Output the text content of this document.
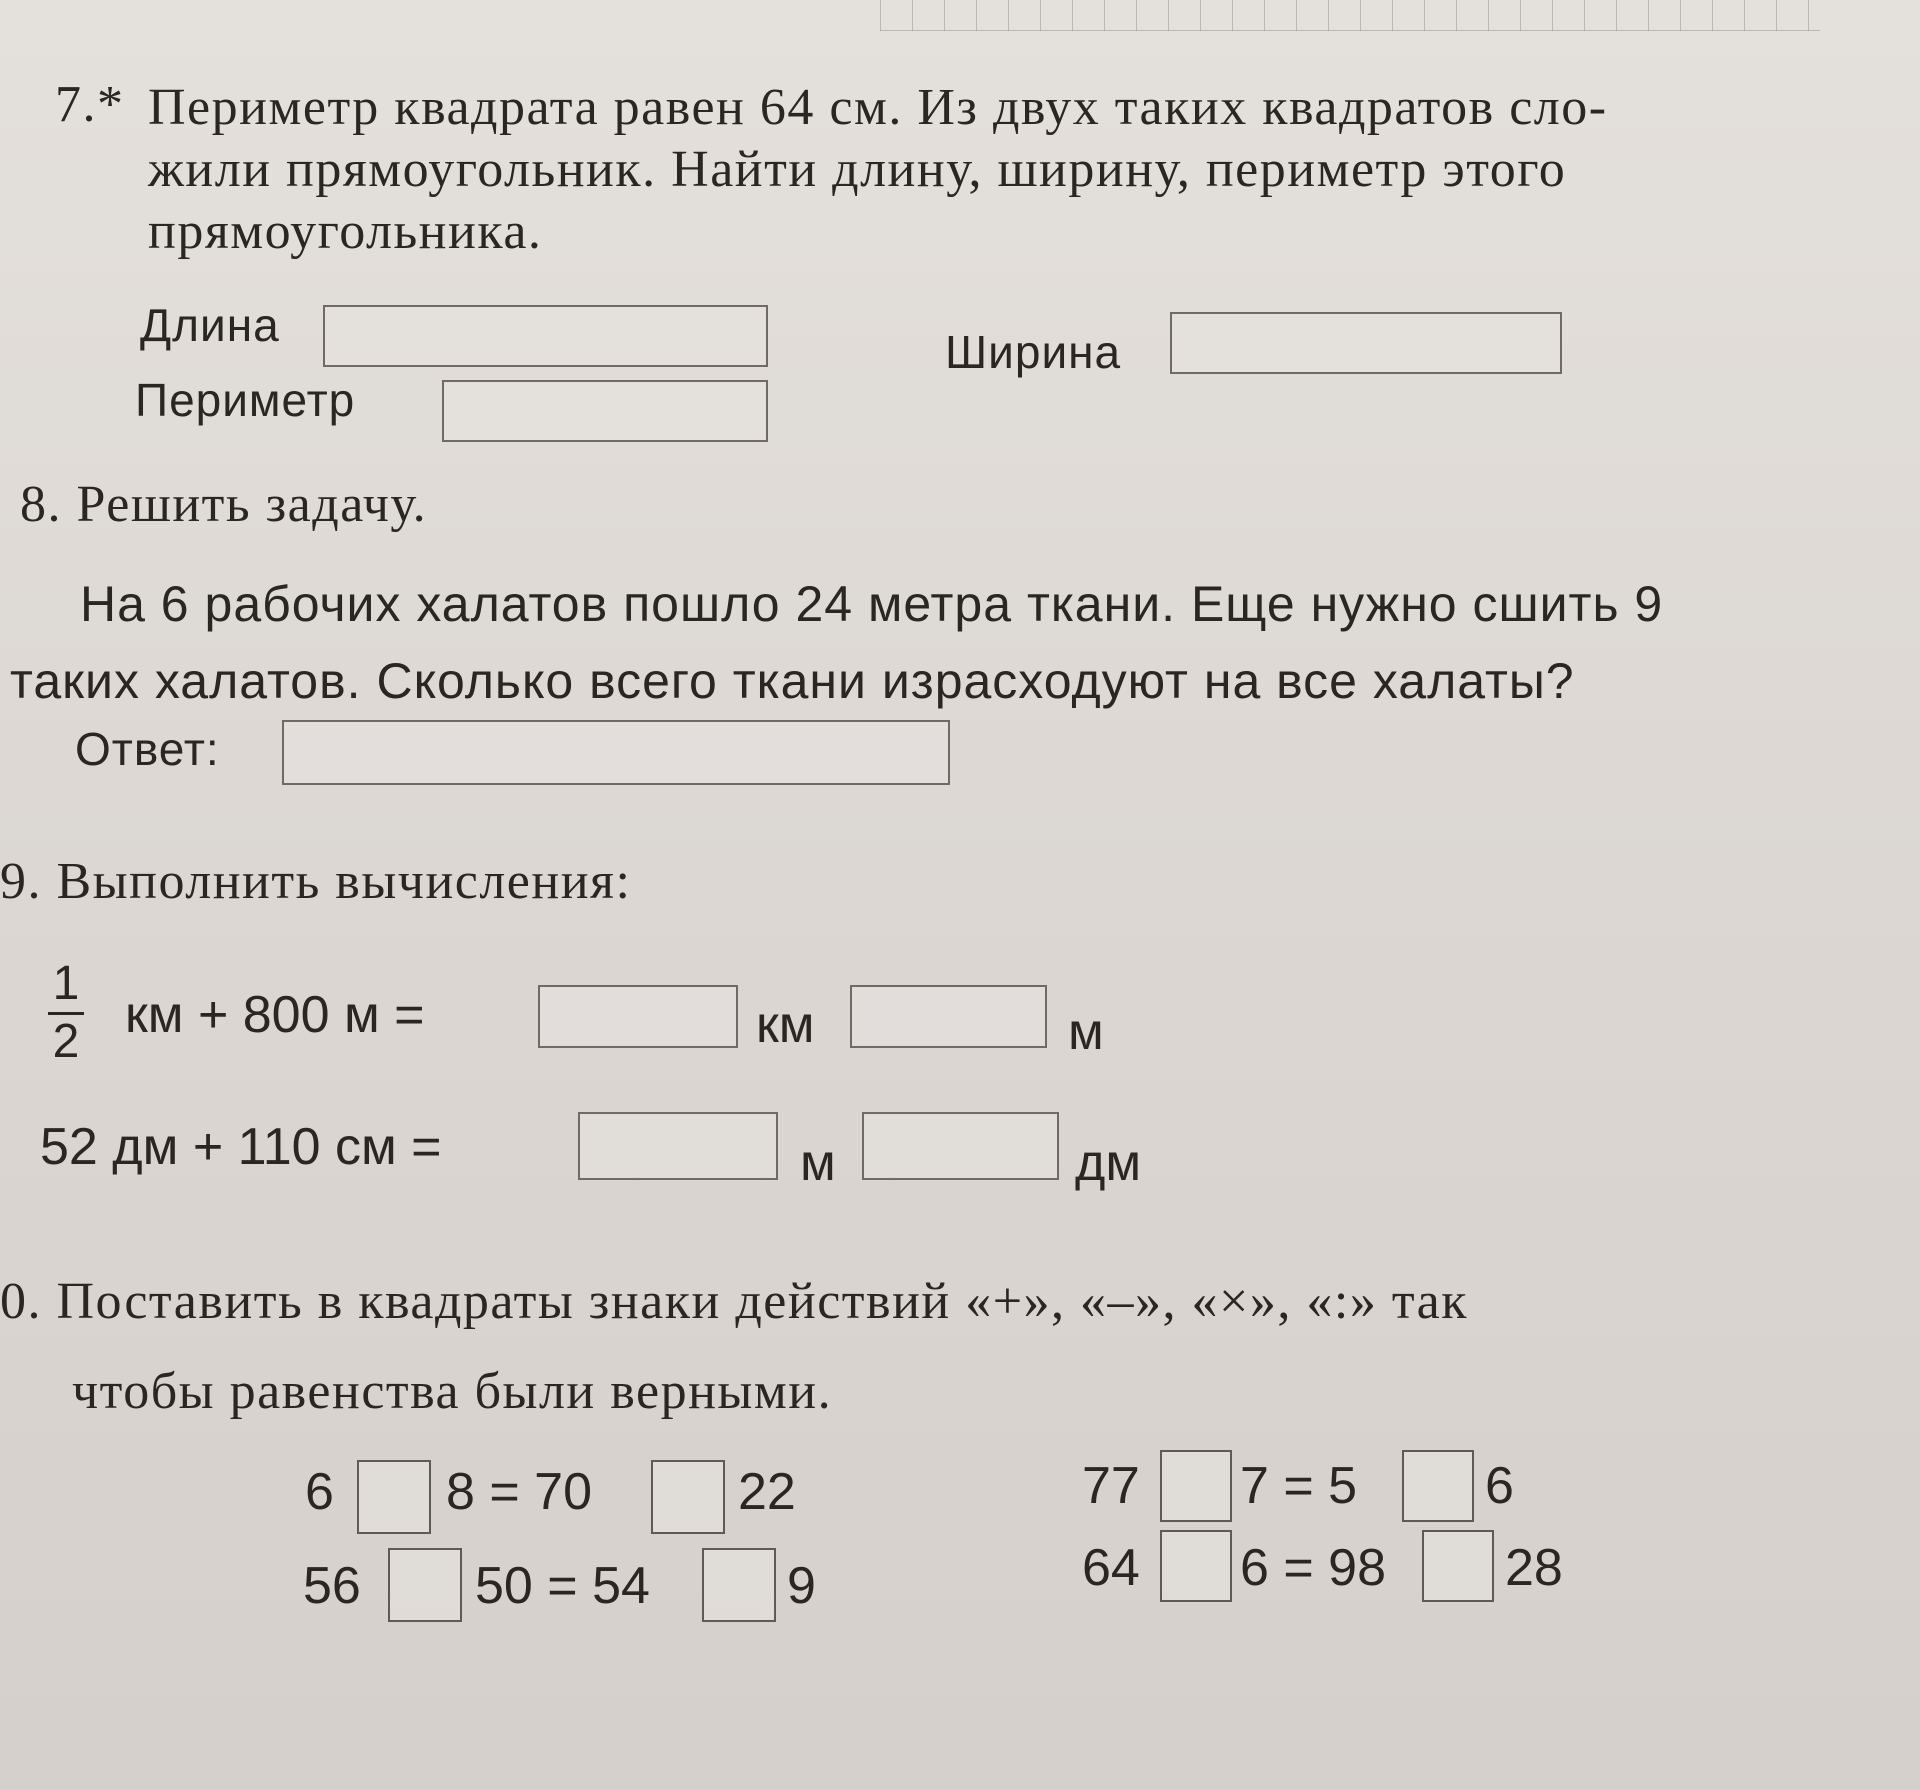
7.* Периметр квадрата равен 64 см. Из двух таких квадратов сло-
жили прямоугольник. Найти длину, ширину, периметр этого
прямоугольника.
Длина
Ширина
Периметр
8. Решить задачу.
На 6 рабочих халатов пошло 24 метра ткани. Еще нужно сшить 9
таких халатов. Сколько всего ткани израсходуют на все халаты?
Ответ:
9. Выполнить вычисления:
1
2 км + 800 м =	км	м
52 дм + 110 см =	м	дм
0. Поставить в квадраты знаки действий «+», «–», «×», «:» так
чтобы равенства были верными.
6 8 = 70	22
56 50 = 54	9
77 7 = 5 6
64 6 = 98 28
